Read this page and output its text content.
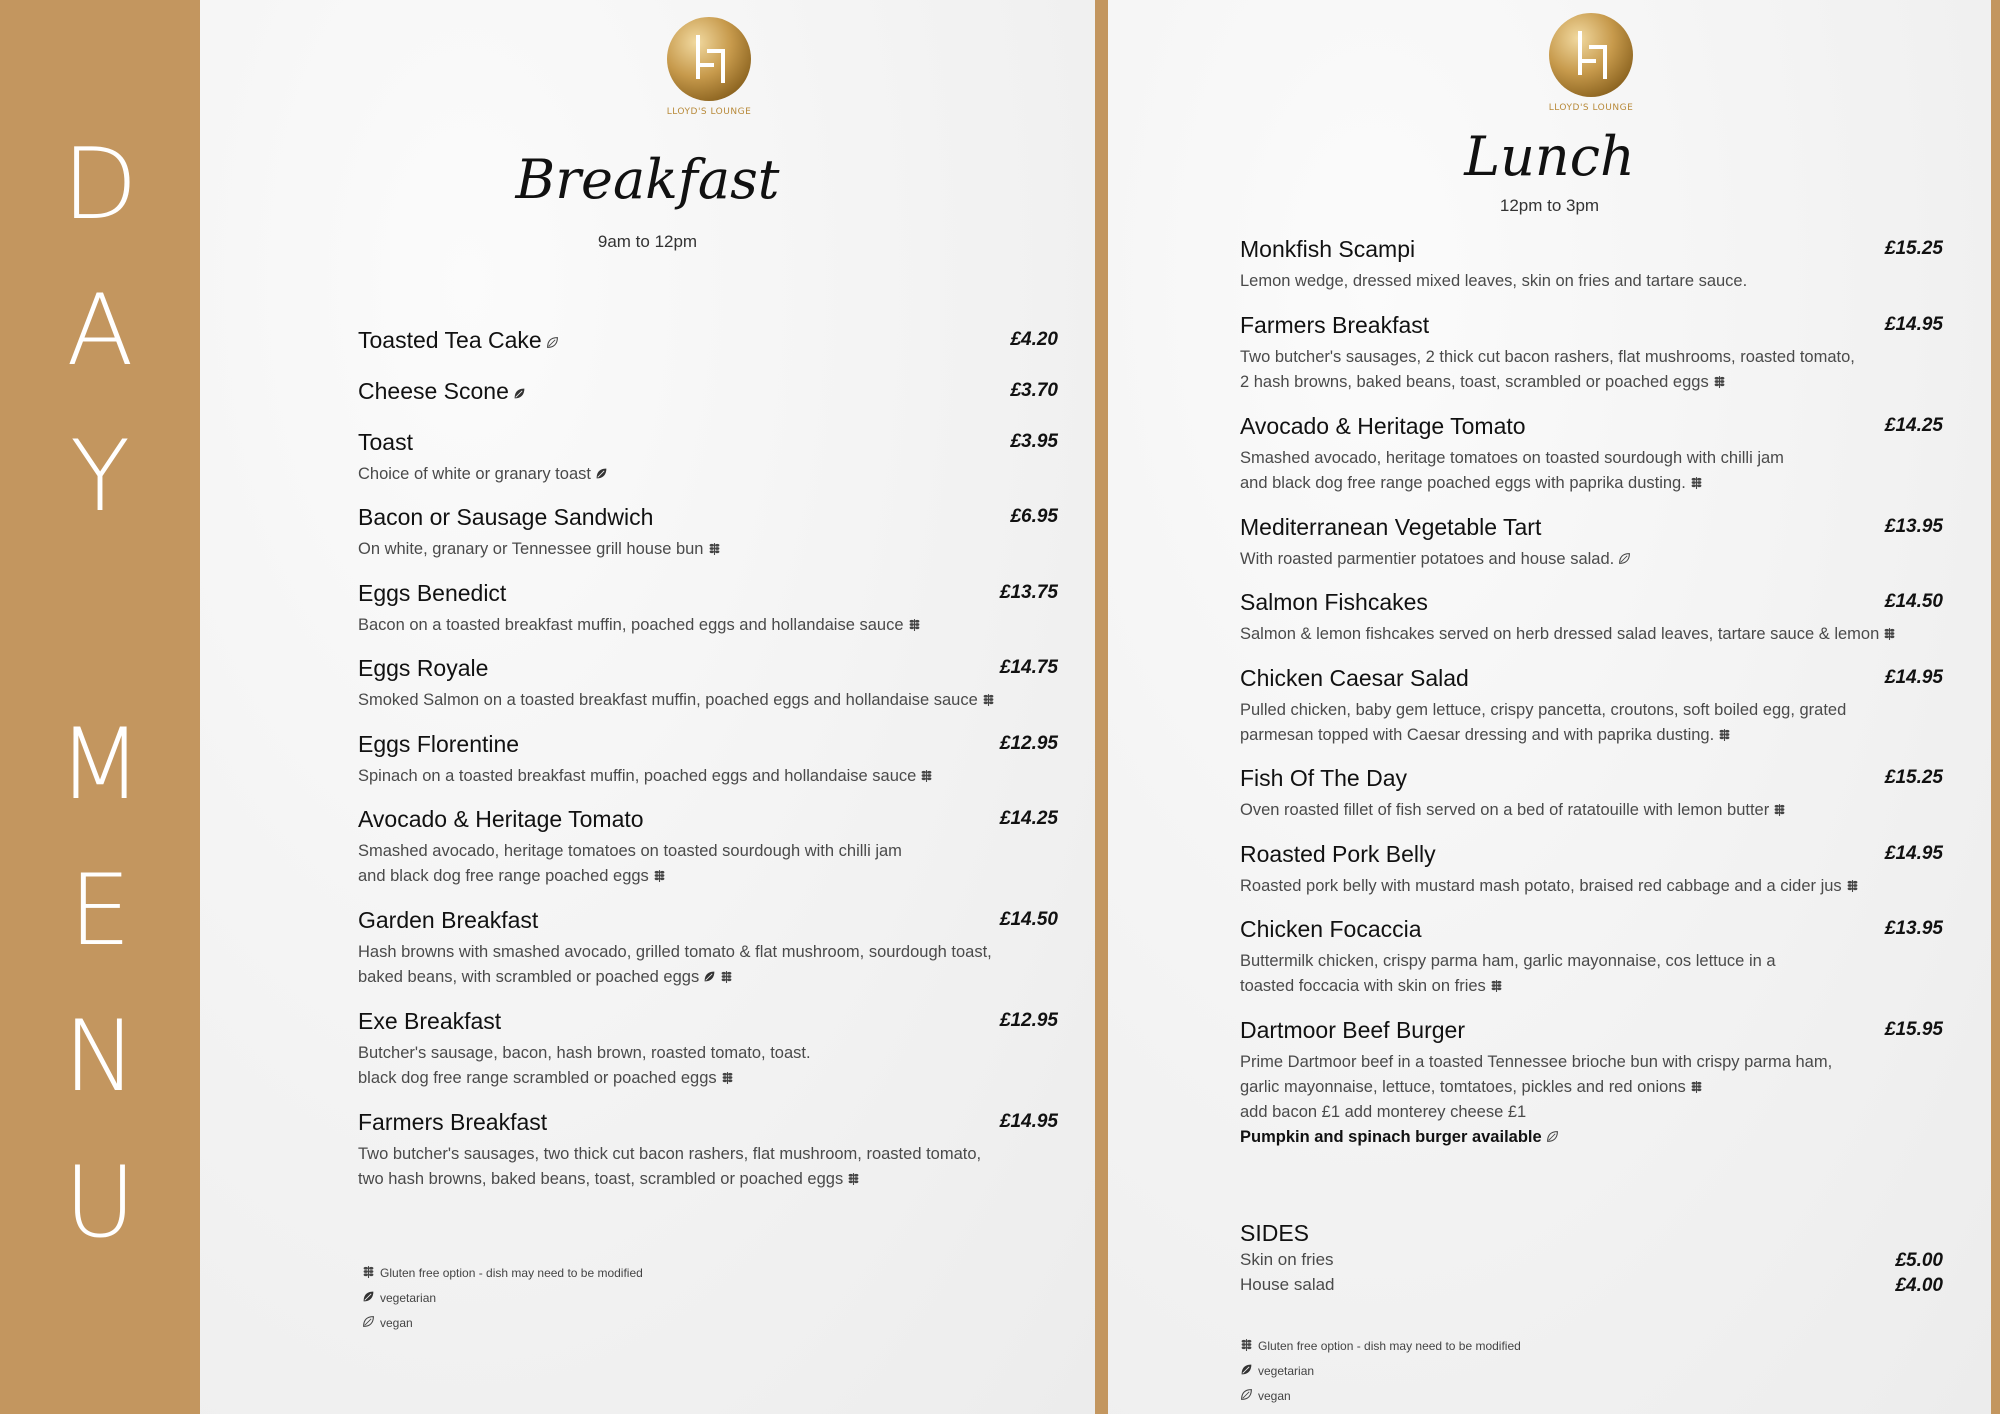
D
A
Y
M
E
N
U
LLOYD'S LOUNGE
Breakfast
9am to 12pm
Toasted Tea Cake	£4.20
Cheese Scone	£3.70
Toast	£3.95
Choice of white or granary toast
Bacon or Sausage Sandwich	£6.95
On white, granary or Tennessee grill house bun
Eggs Benedict	£13.75
Bacon on a toasted breakfast muffin, poached eggs and hollandaise sauce
Eggs Royale	£14.75
Smoked Salmon on a toasted breakfast muffin, poached eggs and hollandaise sauce
Eggs Florentine	£12.95
Spinach on a toasted breakfast muffin, poached eggs and hollandaise sauce
Avocado & Heritage Tomato	£14.25
Smashed avocado, heritage tomatoes on toasted sourdough with chilli jam
and black dog free range poached eggs
Garden Breakfast	£14.50
Hash browns with smashed avocado, grilled tomato & flat mushroom, sourdough toast,
baked beans, with scrambled or poached eggs
Exe Breakfast	£12.95
Butcher's sausage, bacon, hash brown, roasted tomato, toast.
black dog free range scrambled or poached eggs
Farmers Breakfast	£14.95
Two butcher's sausages, two thick cut bacon rashers, flat mushroom, roasted tomato,
two hash browns, baked beans, toast, scrambled or poached eggs
Gluten free option - dish may need to be modified
vegetarian
vegan
LLOYD'S LOUNGE
Lunch
12pm to 3pm
Monkfish Scampi	£15.25
Lemon wedge, dressed mixed leaves, skin on fries and tartare sauce.
Farmers Breakfast	£14.95
Two butcher's sausages, 2 thick cut bacon rashers, flat mushrooms, roasted tomato,
2 hash browns, baked beans, toast, scrambled or poached eggs
Avocado & Heritage Tomato	£14.25
Smashed avocado, heritage tomatoes on toasted sourdough with chilli jam
and black dog free range poached eggs with paprika dusting.
Mediterranean Vegetable Tart	£13.95
With roasted parmentier potatoes and house salad.
Salmon Fishcakes	£14.50
Salmon & lemon fishcakes served on herb dressed salad leaves, tartare sauce & lemon
Chicken Caesar Salad	£14.95
Pulled chicken, baby gem lettuce, crispy pancetta, croutons, soft boiled egg, grated
parmesan topped with Caesar dressing and with paprika dusting.
Fish Of The Day	£15.25
Oven roasted fillet of fish served on a bed of ratatouille with lemon butter
Roasted Pork Belly	£14.95
Roasted pork belly with mustard mash potato, braised red cabbage and a cider jus
Chicken Focaccia	£13.95
Buttermilk chicken, crispy parma ham, garlic mayonnaise, cos lettuce in a
toasted foccacia with skin on fries
Dartmoor Beef Burger	£15.95
Prime Dartmoor beef in a toasted Tennessee brioche bun with crispy parma ham,
garlic mayonnaise, lettuce, tomtatoes, pickles and red onions
add bacon £1 add monterey cheese £1
Pumpkin and spinach burger available
SIDES
Skin on fries	£5.00
House salad	£4.00
Gluten free option - dish may need to be modified
vegetarian
vegan
